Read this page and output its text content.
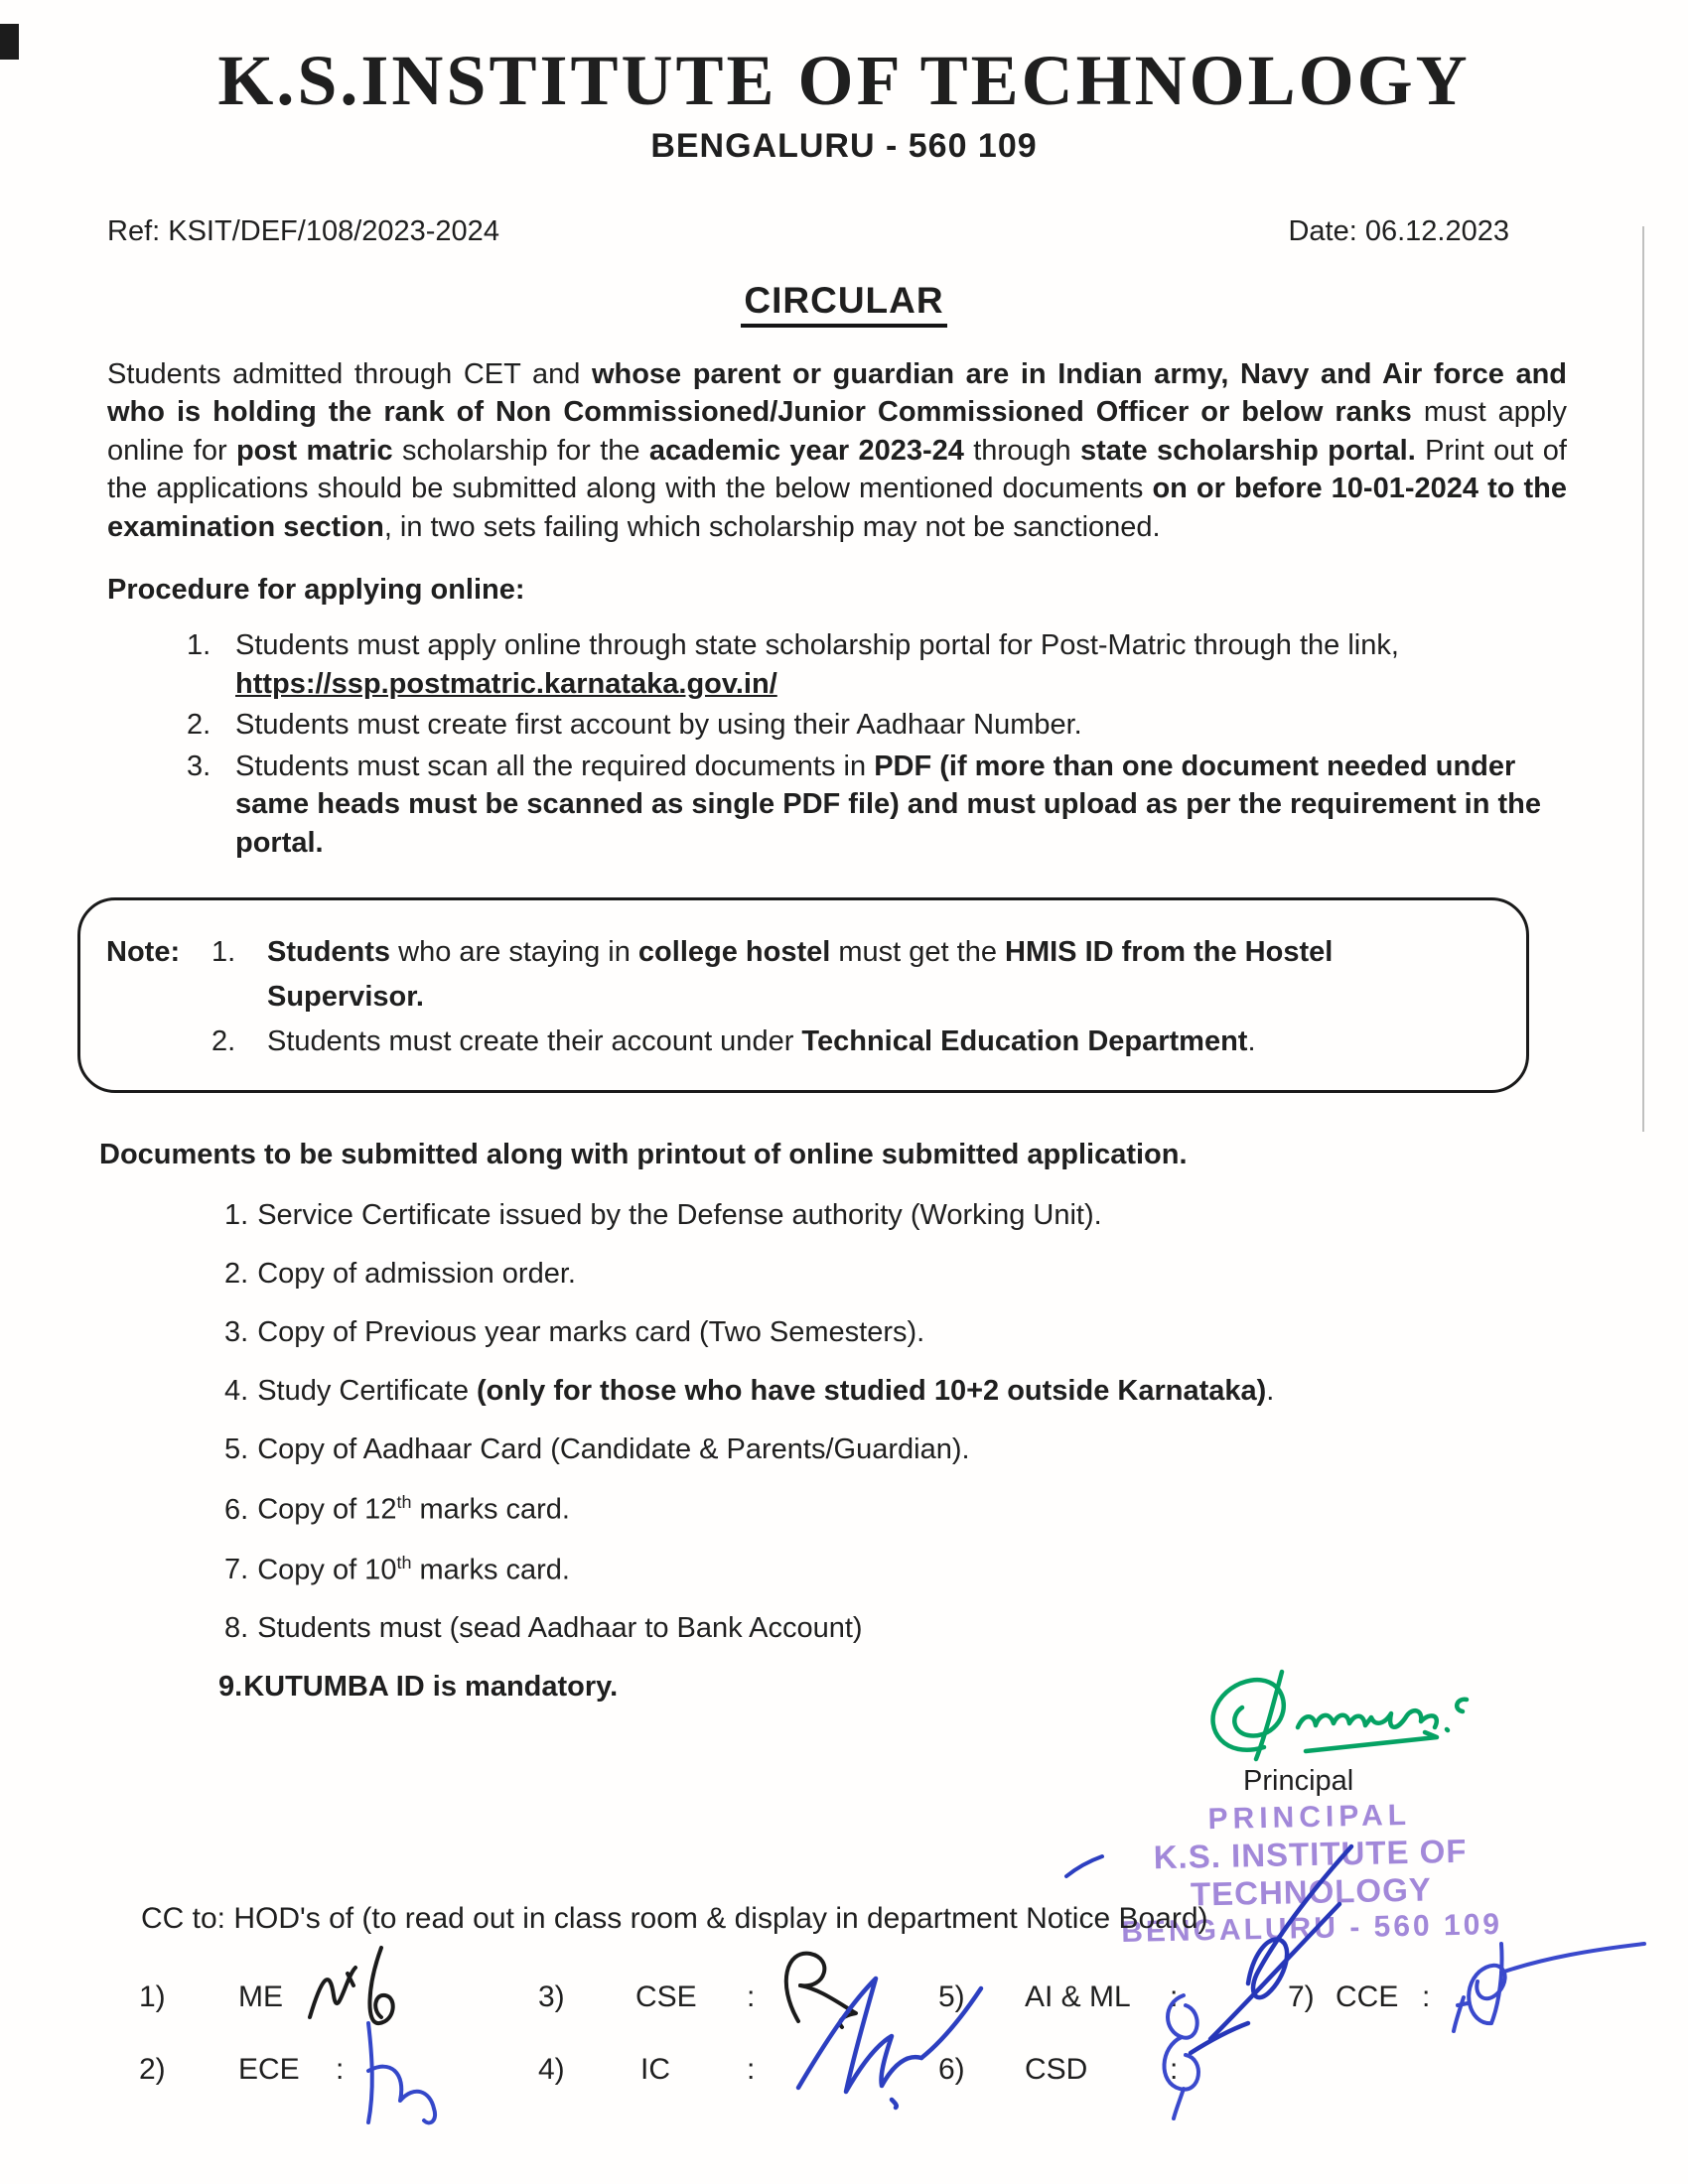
K.S.INSTITUTE OF TECHNOLOGY
BENGALURU - 560 109
Ref: KSIT/DEF/108/2023-2024	Date: 06.12.2023
CIRCULAR

Students admitted through CET and whose parent or guardian are in Indian army, Navy and Air force and who is holding the rank of Non Commissioned/Junior Commissioned Officer or below ranks must apply online for post matric scholarship for the academic year 2023-24 through state scholarship portal. Print out of the applications should be submitted along with the below mentioned documents on or before 10-01-2024 to the examination section, in two sets failing which scholarship may not be sanctioned.

Procedure for applying online:
1. Students must apply online through state scholarship portal for Post-Matric through the link, https://ssp.postmatric.karnataka.gov.in/
2. Students must create first account by using their Aadhaar Number.
3. Students must scan all the required documents in PDF (if more than one document needed under same heads must be scanned as single PDF file) and must upload as per the requirement in the portal.
Note:	1.	Students who are staying in college hostel must get the HMIS ID from the Hostel
Supervisor.
2.	Students must create their account under Technical Education Department.
Documents to be submitted along with printout of online submitted application.
1. Service Certificate issued by the Defense authority (Working Unit).
2. Copy of admission order.
3. Copy of Previous year marks card (Two Semesters).
4. Study Certificate (only for those who have studied 10+2 outside Karnataka).
5. Copy of Aadhaar Card (Candidate & Parents/Guardian).
6. Copy of 12th marks card.
7. Copy of 10th marks card.
8. Students must (sead Aadhaar to Bank Account)
9.KUTUMBA ID is mandatory.
Principal
PRINCIPAL
K.S. INSTITUTE OF TECHNOLOGY
BENGALURU - 560 109
CC to: HOD's of (to read out in class room & display in department Notice Board)
1) ME	3) CSE :	5) AI & ML :	7) CCE :
2) ECE :	4)	IC	:	6) CSD	:
